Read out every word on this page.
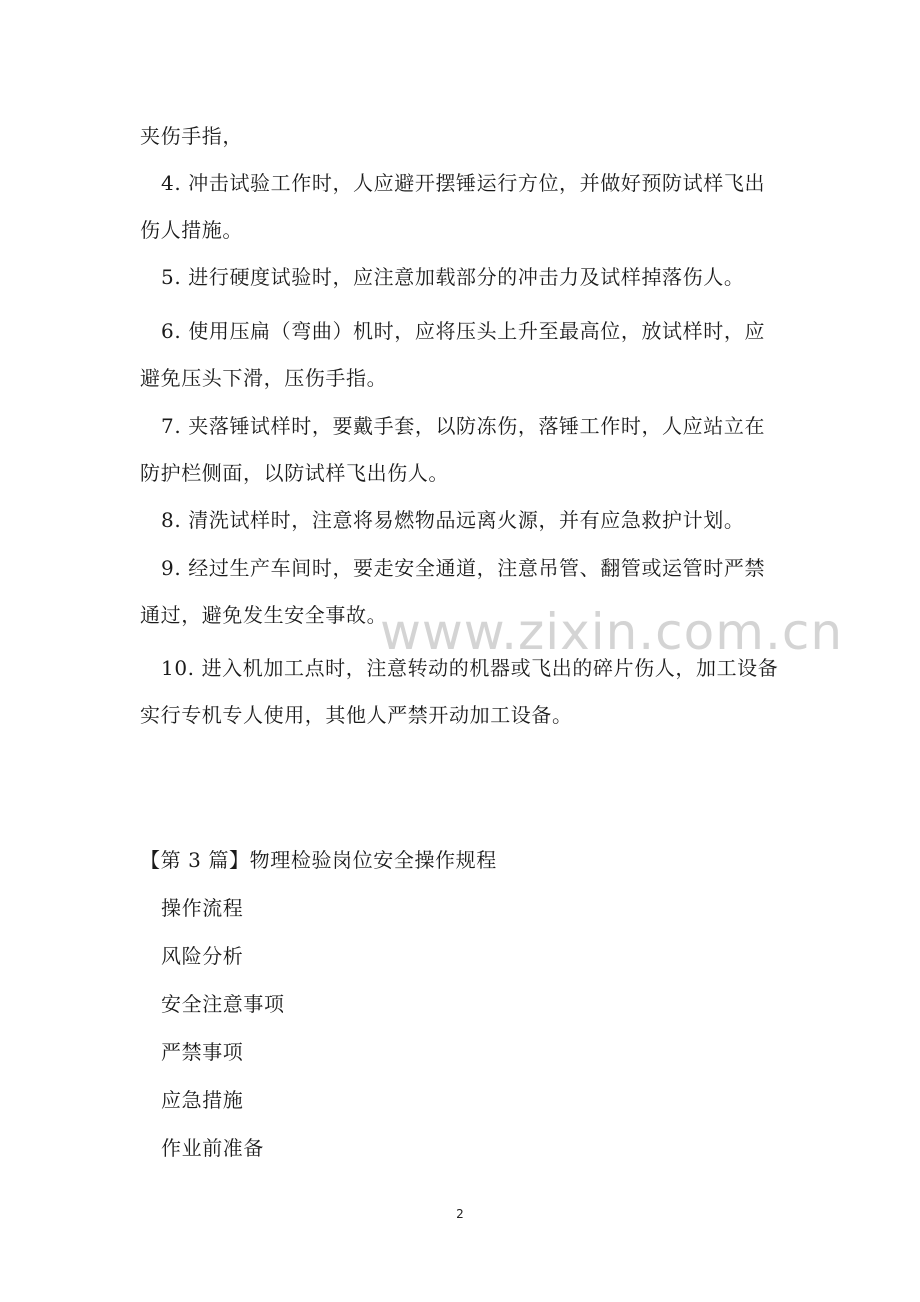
夹伤手指，

4. 冲击试验工作时，人应避开摆锤运行方位，并做好预防试样飞出伤人措施。

5. 进行硬度试验时，应注意加载部分的冲击力及试样掉落伤人。

6. 使用压扁（弯曲）机时，应将压头上升至最高位，放试样时，应避免压头下滑，压伤手指。

7. 夹落锤试样时，要戴手套，以防冻伤，落锤工作时，人应站立在防护栏侧面，以防试样飞出伤人。

8. 清洗试样时，注意将易燃物品远离火源，并有应急救护计划。

9. 经过生产车间时，要走安全通道，注意吊管、翻管或运管时严禁通过，避免发生安全事故。

10. 进入机加工点时，注意转动的机器或飞出的碎片伤人，加工设备实行专机专人使用，其他人严禁开动加工设备。

www.zixin.com.cn
【第 3 篇】物理检验岗位安全操作规程

操作流程

风险分析

安全注意事项

严禁事项

应急措施

作业前准备

2
